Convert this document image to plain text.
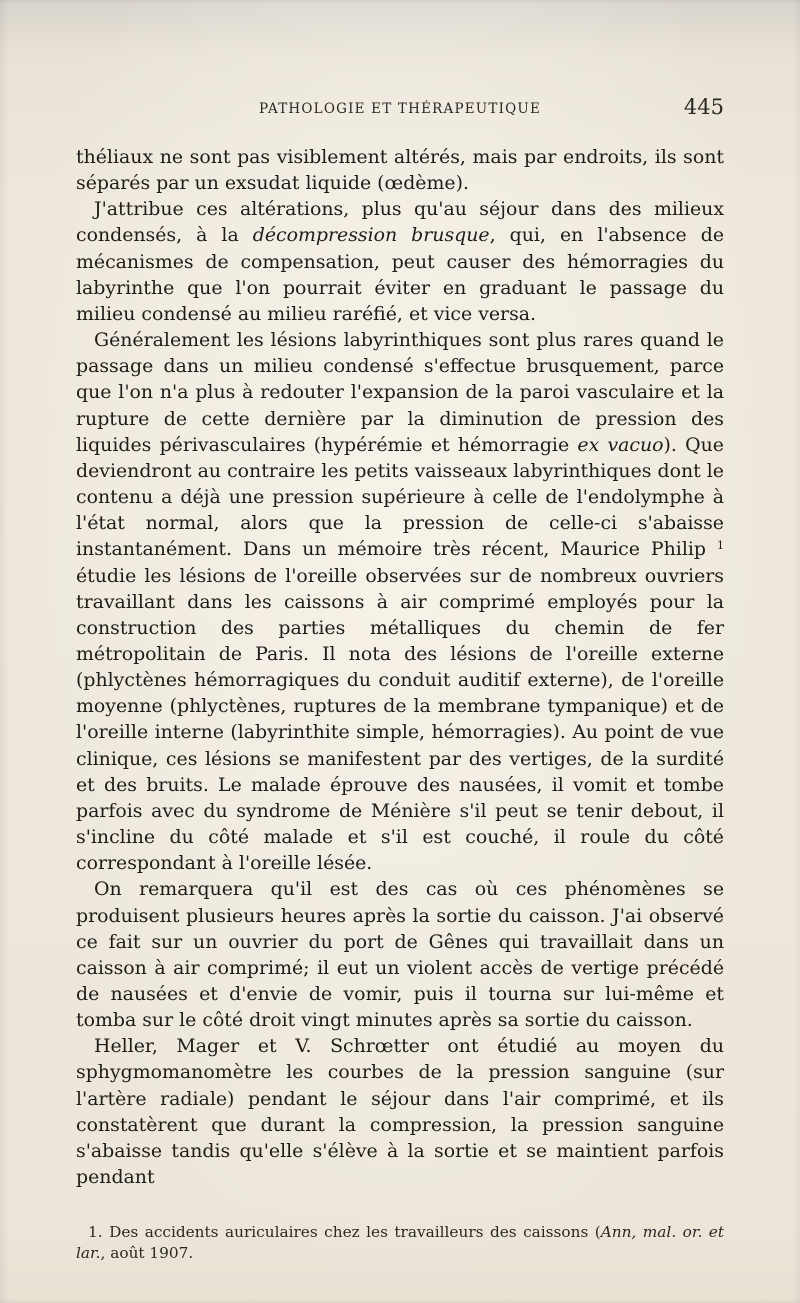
PATHOLOGIE ET THÉRAPEUTIQUE	445

théliaux ne sont pas visiblement altérés, mais par endroits, ils sont séparés par un exsudat liquide (œdème).

J'attribue ces altérations, plus qu'au séjour dans des milieux condensés, à la décompression brusque, qui, en l'absence de mécanismes de compensation, peut causer des hémorragies du labyrinthe que l'on pourrait éviter en graduant le passage du milieu condensé au milieu raréfié, et vice versa.

Généralement les lésions labyrinthiques sont plus rares quand le passage dans un milieu condensé s'effectue brusquement, parce que l'on n'a plus à redouter l'expansion de la paroi vasculaire et la rupture de cette dernière par la diminution de pression des liquides périvasculaires (hypérémie et hémorragie ex vacuo). Que deviendront au contraire les petits vaisseaux labyrinthiques dont le contenu a déjà une pression supérieure à celle de l'endolymphe à l'état normal, alors que la pression de celle-ci s'abaisse instantanément. Dans un mémoire très récent, Maurice Philip $^1$ étudie les lésions de l'oreille observées sur de nombreux ouvriers travaillant dans les caissons à air comprimé employés pour la construction des parties métalliques du chemin de fer métropolitain de Paris. Il nota des lésions de l'oreille externe (phlyctènes hémorragiques du conduit auditif externe), de l'oreille moyenne (phlyctènes, ruptures de la membrane tympanique) et de l'oreille interne (labyrinthite simple, hémorragies). Au point de vue clinique, ces lésions se manifestent par des vertiges, de la surdité et des bruits. Le malade éprouve des nausées, il vomit et tombe parfois avec du syndrome de Ménière s'il peut se tenir debout, il s'incline du côté malade et s'il est couché, il roule du côté correspondant à l'oreille lésée.

On remarquera qu'il est des cas où ces phénomènes se produisent plusieurs heures après la sortie du caisson. J'ai observé ce fait sur un ouvrier du port de Gênes qui travaillait dans un caisson à air comprimé; il eut un violent accès de vertige précédé de nausées et d'envie de vomir, puis il tourna sur lui-même et tomba sur le côté droit vingt minutes après sa sortie du caisson.

Heller, Mager et V. Schrœtter ont étudié au moyen du sphygmomanomètre les courbes de la pression sanguine (sur l'artère radiale) pendant le séjour dans l'air comprimé, et ils constatèrent que durant la compression, la pression sanguine s'abaisse tandis qu'elle s'élève à la sortie et se maintient parfois pendant

1. Des accidents auriculaires chez les travailleurs des caissons (Ann, mal. or. et lar., août 1907.
